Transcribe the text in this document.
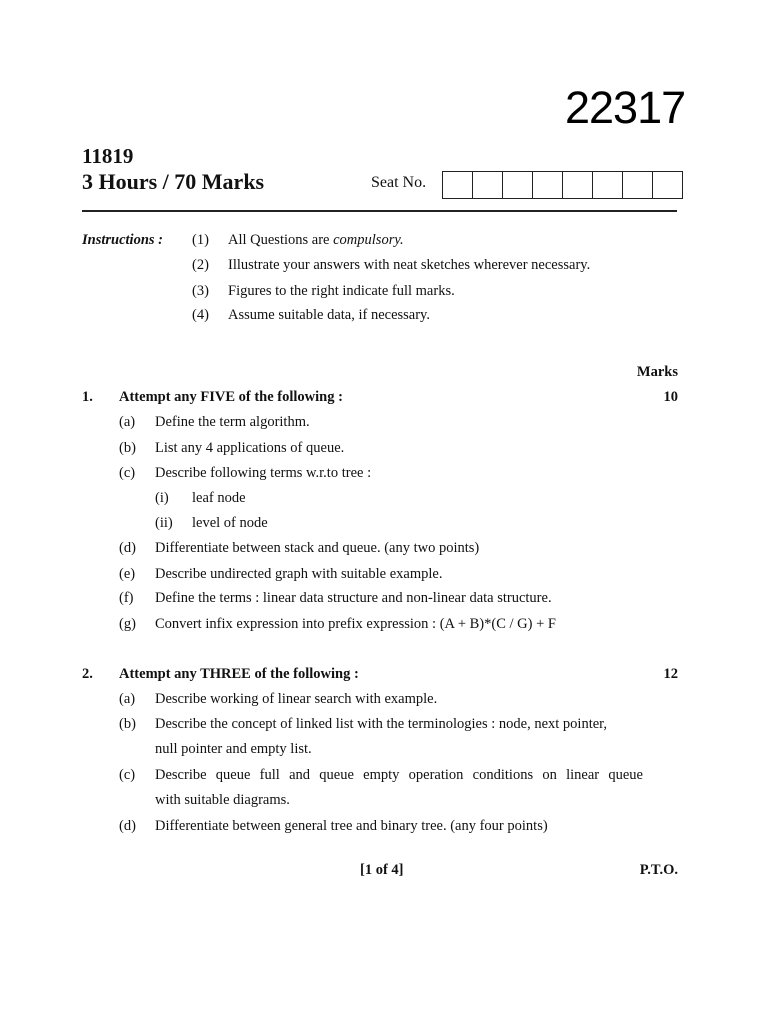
22317
11819
3 Hours / 70 Marks	Seat No.
Instructions : (1) All Questions are compulsory.
(2) Illustrate your answers with neat sketches wherever necessary.
(3) Figures to the right indicate full marks.
(4) Assume suitable data, if necessary.
Marks
1. Attempt any FIVE of the following :	10
(a) Define the term algorithm.
(b) List any 4 applications of queue.
(c) Describe following terms w.r.to tree :
(i) leaf node
(ii) level of node
(d) Differentiate between stack and queue. (any two points)
(e) Describe undirected graph with suitable example.
(f) Define the terms : linear data structure and non-linear data structure.
(g) Convert infix expression into prefix expression : (A + B)*(C / G) + F
2. Attempt any THREE of the following :	12
(a) Describe working of linear search with example.
(b) Describe the concept of linked list with the terminologies : node, next pointer,
null pointer and empty list.
(c) Describe queue full and queue empty operation conditions on linear queue
with suitable diagrams.
(d) Differentiate between general tree and binary tree. (any four points)
[1 of 4]	P.T.O.
